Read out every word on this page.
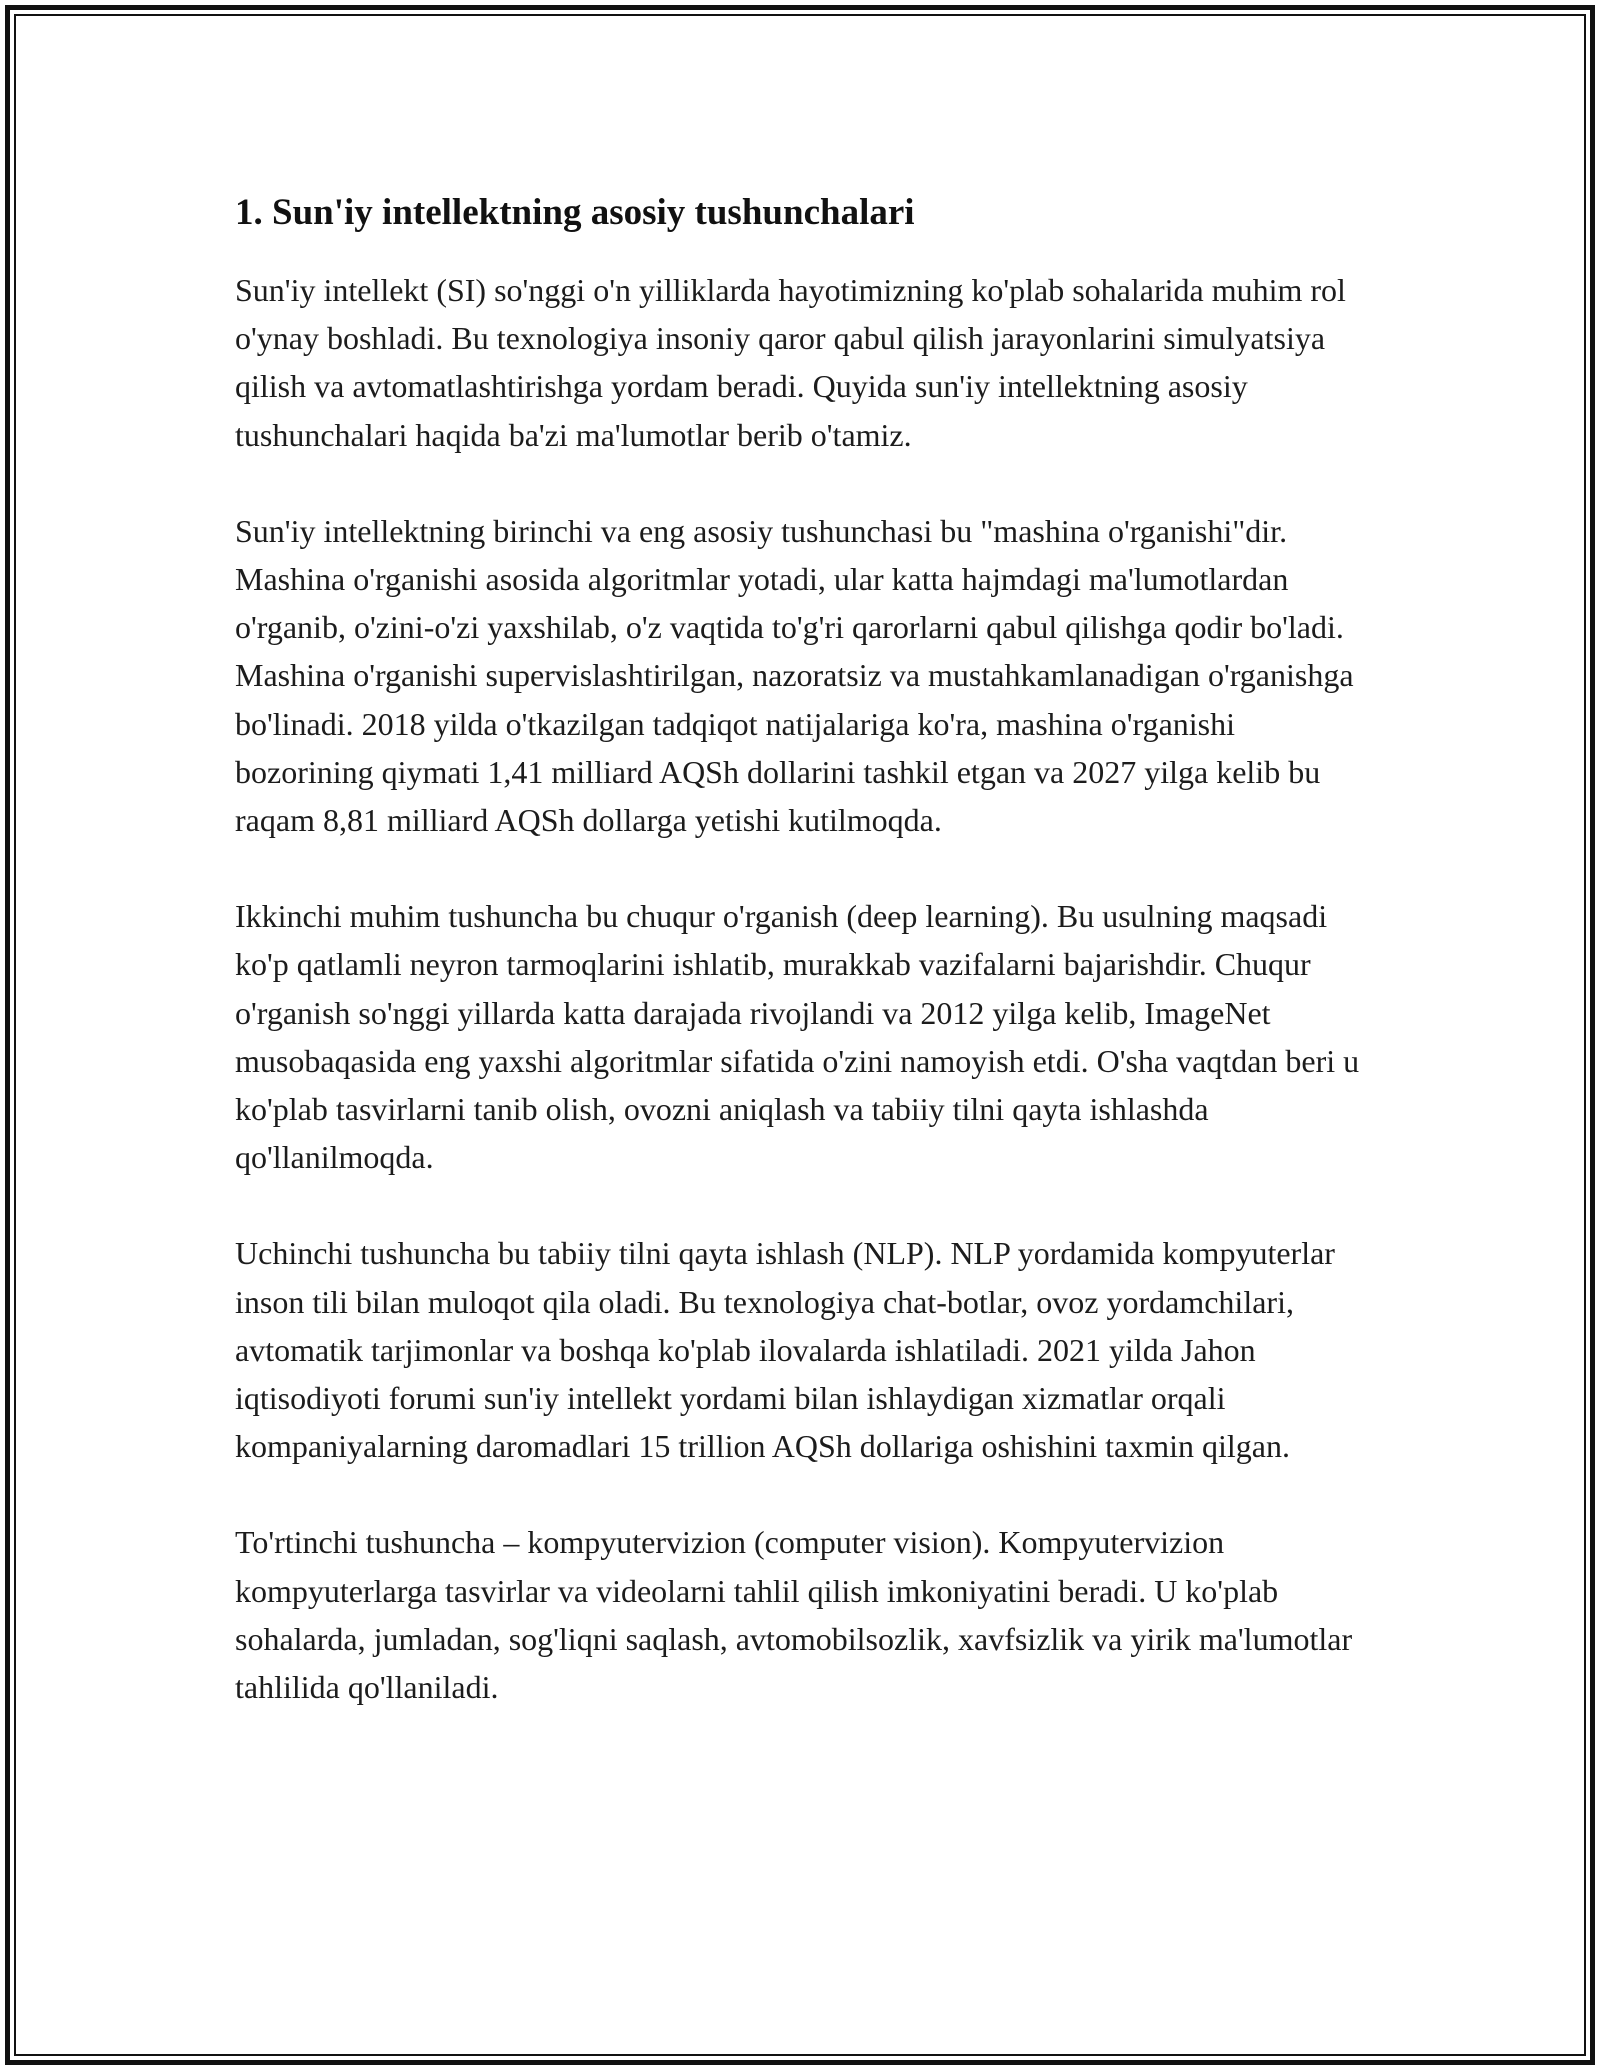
1. Sun'iy intellektning asosiy tushunchalari

Sun'iy intellekt (SI) so'nggi o'n yilliklarda hayotimizning ko'plab sohalarida muhim rol o'ynay boshladi. Bu texnologiya insoniy qaror qabul qilish jarayonlarini simulyatsiya qilish va avtomatlashtirishga yordam beradi. Quyida sun'iy intellektning asosiy tushunchalari haqida ba'zi ma'lumotlar berib o'tamiz.

Sun'iy intellektning birinchi va eng asosiy tushunchasi bu "mashina o'rganishi"dir. Mashina o'rganishi asosida algoritmlar yotadi, ular katta hajmdagi ma'lumotlardan o'rganib, o'zini-o'zi yaxshilab, o'z vaqtida to'g'ri qarorlarni qabul qilishga qodir bo'ladi. Mashina o'rganishi supervislashtirilgan, nazoratsiz va mustahkamlanadigan o'rganishga bo'linadi. 2018 yilda o'tkazilgan tadqiqot natijalariga ko'ra, mashina o'rganishi bozorining qiymati 1,41 milliard AQSh dollarini tashkil etgan va 2027 yilga kelib bu raqam 8,81 milliard AQSh dollarga yetishi kutilmoqda.

Ikkinchi muhim tushuncha bu chuqur o'rganish (deep learning). Bu usulning maqsadi ko'p qatlamli neyron tarmoqlarini ishlatib, murakkab vazifalarni bajarishdir. Chuqur o'rganish so'nggi yillarda katta darajada rivojlandi va 2012 yilga kelib, ImageNet musobaqasida eng yaxshi algoritmlar sifatida o'zini namoyish etdi. O'sha vaqtdan beri u ko'plab tasvirlarni tanib olish, ovozni aniqlash va tabiiy tilni qayta ishlashda qo'llanilmoqda.

Uchinchi tushuncha bu tabiiy tilni qayta ishlash (NLP). NLP yordamida kompyuterlar inson tili bilan muloqot qila oladi. Bu texnologiya chat-botlar, ovoz yordamchilari, avtomatik tarjimonlar va boshqa ko'plab ilovalarda ishlatiladi. 2021 yilda Jahon iqtisodiyoti forumi sun'iy intellekt yordami bilan ishlaydigan xizmatlar orqali kompaniyalarning daromadlari 15 trillion AQSh dollariga oshishini taxmin qilgan.

To'rtinchi tushuncha – kompyutervizion (computer vision). Kompyutervizion kompyuterlarga tasvirlar va videolarni tahlil qilish imkoniyatini beradi. U ko'plab sohalarda, jumladan, sog'liqni saqlash, avtomobilsozlik, xavfsizlik va yirik ma'lumotlar tahlilida qo'llaniladi.
